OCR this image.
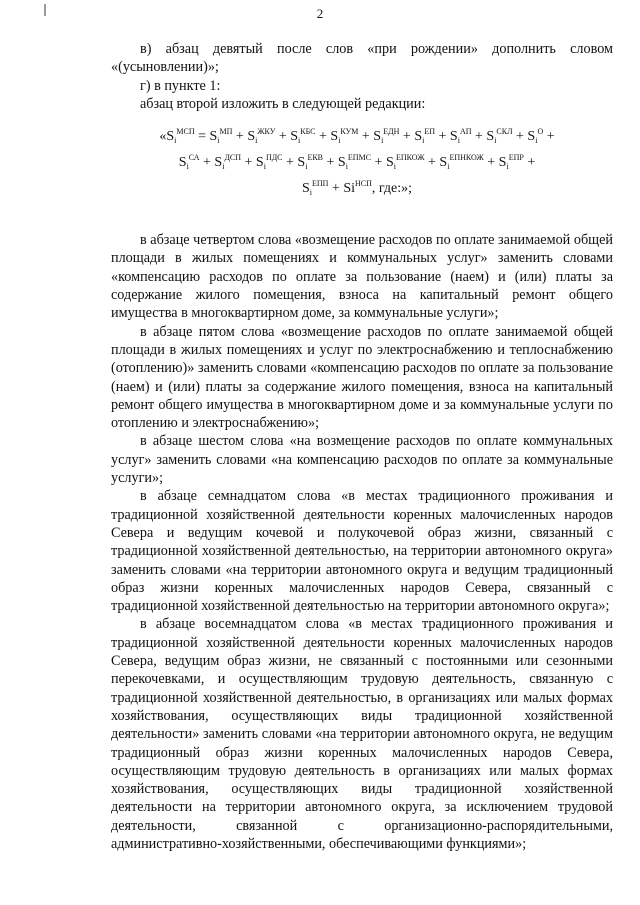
2

в) абзац девятый после слов «при рождении» дополнить словом «(усыновлении)»;

г) в пункте 1:

абзац второй изложить в следующей редакции:

«$S_i^{МСП} = S_i^{МП} + S_i^{ЖКУ} + S_i^{КБС} + S_i^{КУМ} + S_i^{ЕДН} + S_i^{ЕП} + S_i^{АП} + S_i^{СКЛ} + S_i^О$ +
$S_i^{СА} + S_i^{ДСП} + S_i^{ПДС} + S_i^{ЕКВ} + S_i^{ЕПМС} + S_i^{ЕПКОЖ} + S_i^{ЕПНКОЖ} + S_i^{ЕПР}$ +
$S_i^{ЕПП} + Si^{НСП}$, где:»;

в абзаце четвертом слова «возмещение расходов по оплате занимаемой общей площади в жилых помещениях и коммунальных услуг» заменить словами «компенсацию расходов по оплате за пользование (наем) и (или) платы за содержание жилого помещения, взноса на капитальный ремонт общего имущества в многоквартирном доме, за коммунальные услуги»;

в абзаце пятом слова «возмещение расходов по оплате занимаемой общей площади в жилых помещениях и услуг по электроснабжению и теплоснабжению (отоплению)» заменить словами «компенсацию расходов по оплате за пользование (наем) и (или) платы за содержание жилого помещения, взноса на капитальный ремонт общего имущества в многоквартирном доме и за коммунальные услуги по отоплению и электроснабжению»;

в абзаце шестом слова «на возмещение расходов по оплате коммунальных услуг» заменить словами «на компенсацию расходов по оплате за коммунальные услуги»;

в абзаце семнадцатом слова «в местах традиционного проживания и традиционной хозяйственной деятельности коренных малочисленных народов Севера и ведущим кочевой и полукочевой образ жизни, связанный с традиционной хозяйственной деятельностью, на территории автономного округа» заменить словами «на территории автономного округа и ведущим традиционный образ жизни коренных малочисленных народов Севера, связанный с традиционной хозяйственной деятельностью на территории автономного округа»;

в абзаце восемнадцатом слова «в местах традиционного проживания и традиционной хозяйственной деятельности коренных малочисленных народов Севера, ведущим образ жизни, не связанный с постоянными или сезонными перекочевками, и осуществляющим трудовую деятельность, связанную с традиционной хозяйственной деятельностью, в организациях или малых формах хозяйствования, осуществляющих виды традиционной хозяйственной деятельности» заменить словами «на территории автономного округа, не ведущим традиционный образ жизни коренных малочисленных народов Севера, осуществляющим трудовую деятельность в организациях или малых формах хозяйствования, осуществляющих виды традиционной хозяйственной деятельности на территории автономного округа, за исключением трудовой деятельности, связанной с организационно-распорядительными, административно-хозяйственными, обеспечивающими функциями»;
